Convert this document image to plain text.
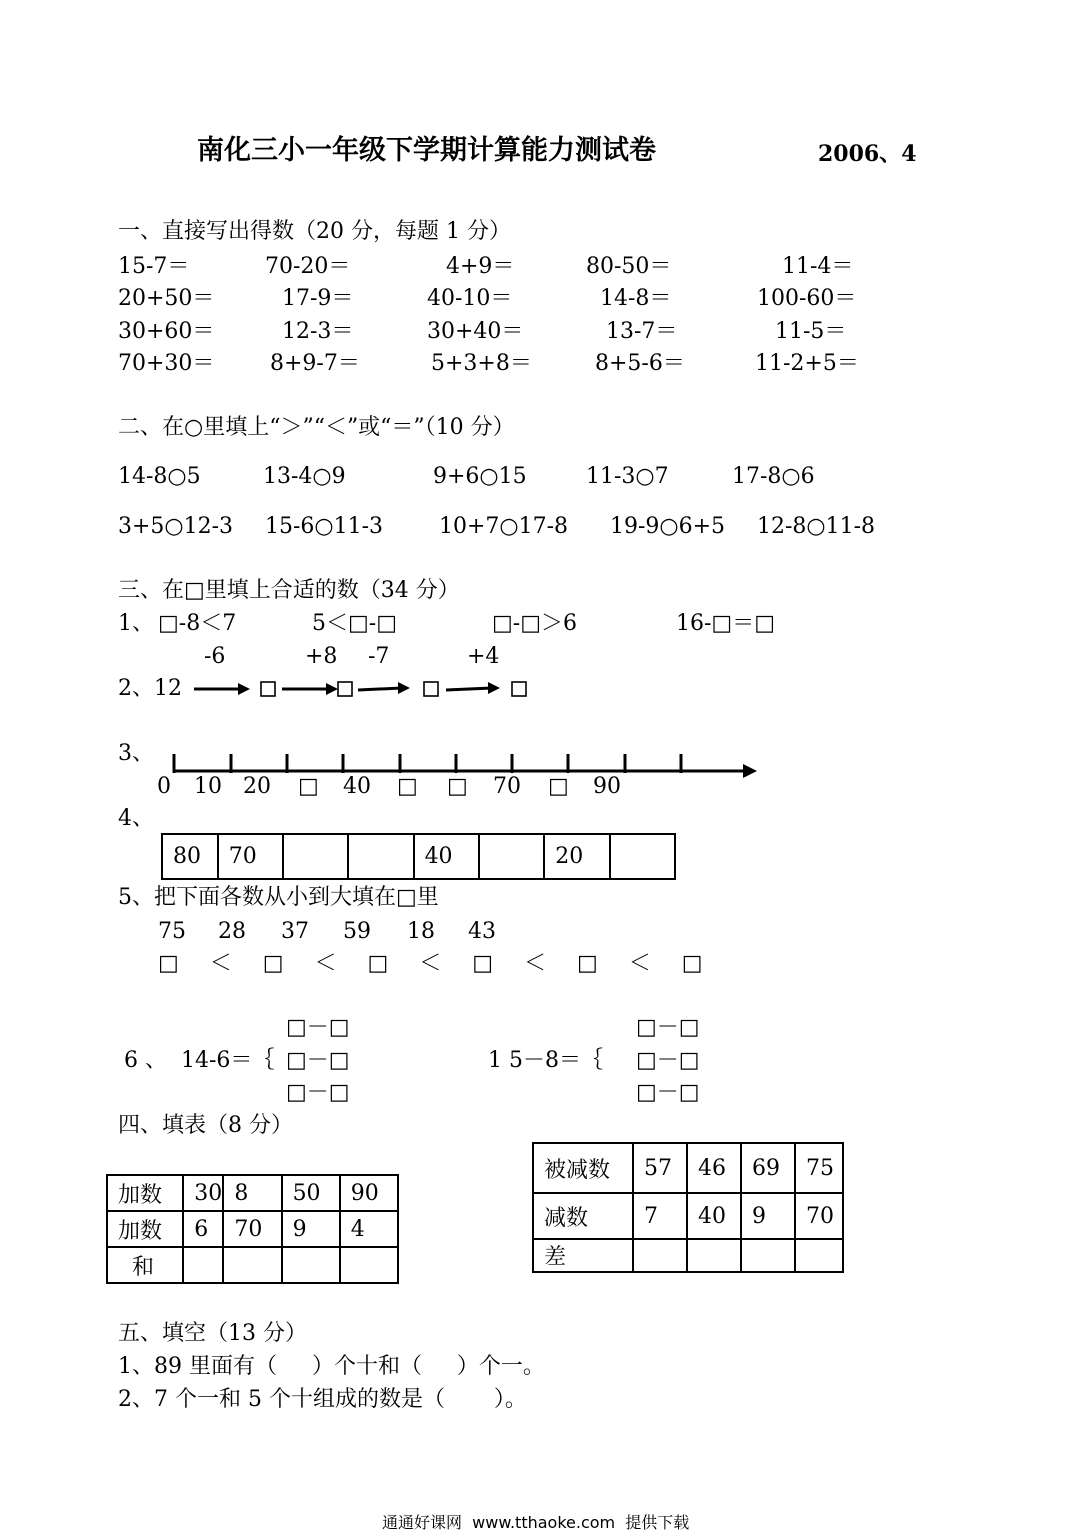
南化三小一年级下学期计算能力测试卷	2006、4
一、直接写出得数（20 分，每题 1 分）
15-7＝	70-20＝	4+9＝	80-50＝	11-4＝
20+50＝	17-9＝	40-10＝	14-8＝	100-60＝
30+60＝	12-3＝	30+40＝	13-7＝	11-5＝
70+30＝	8+9-7＝	5+3+8＝	8+5-6＝	11-2+5＝
二、在○里填上“＞”“＜”或“＝”（10 分）
14-8○5	13-4○9	9+6○15	11-3○7	17-8○6
3+5○12-3 15-6○11-3	10+7○17-8 19-9○6+5 12-8○11-8
三、在□里填上合适的数（34 分）
1、 □-8＜7	5＜□-□	□-□＞6	16-□＝□
-6	+8 -7	+4
2、12
3、
0 10 20 □ 40 □ □ 70 □ 90
4、
80	70			40		20	
5、把下面各数从小到大填在□里
75 28 37 59 18 43
□  ＜  □  ＜  □  ＜  □  ＜  □  ＜  □
□－□
6 、 14-6＝｛ □－□
□－□
□－□
1 5－8＝｛ □－□
□－□
四、填表（8 分）
加数	30	8	50	90
加数	6	70	9	4
和				
被减数	57	46	69	75
减数	7	40	9	70
差				
五、填空（13 分）
1、89 里面有（     ）个十和（     ）个一。
2、7 个一和 5 个十组成的数是（       ）。
通通好课网  www.tthaoke.com  提供下载
